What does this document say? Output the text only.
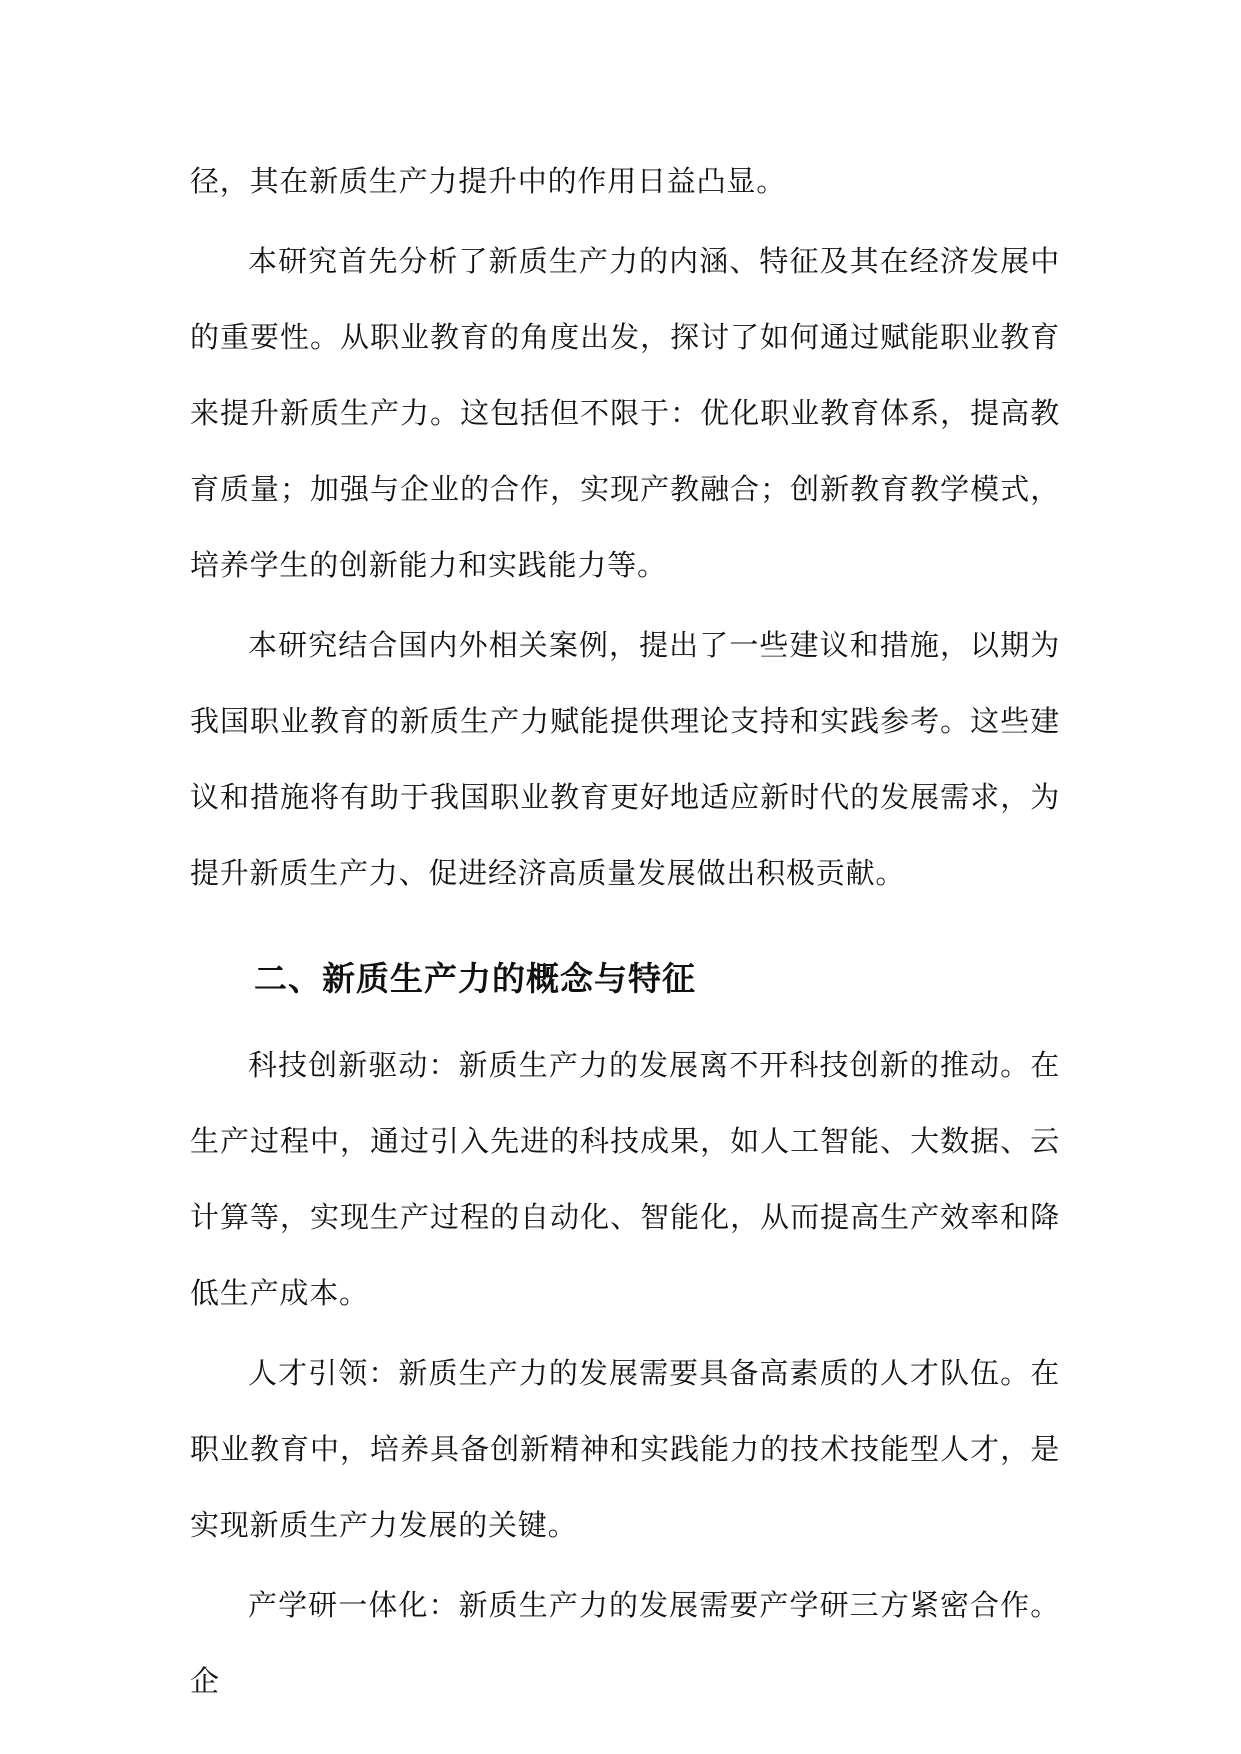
径，其在新质生产力提升中的作用日益凸显。

本研究首先分析了新质生产力的内涵、特征及其在经济发展中的重要性。从职业教育的角度出发，探讨了如何通过赋能职业教育来提升新质生产力。这包括但不限于：优化职业教育体系，提高教育质量；加强与企业的合作，实现产教融合；创新教育教学模式，培养学生的创新能力和实践能力等。

本研究结合国内外相关案例，提出了一些建议和措施，以期为我国职业教育的新质生产力赋能提供理论支持和实践参考。这些建议和措施将有助于我国职业教育更好地适应新时代的发展需求，为提升新质生产力、促进经济高质量发展做出积极贡献。

二、新质生产力的概念与特征

科技创新驱动：新质生产力的发展离不开科技创新的推动。在生产过程中，通过引入先进的科技成果，如人工智能、大数据、云计算等，实现生产过程的自动化、智能化，从而提高生产效率和降低生产成本。

人才引领：新质生产力的发展需要具备高素质的人才队伍。在职业教育中，培养具备创新精神和实践能力的技术技能型人才，是实现新质生产力发展的关键。

产学研一体化：新质生产力的发展需要产学研三方紧密合作。企
